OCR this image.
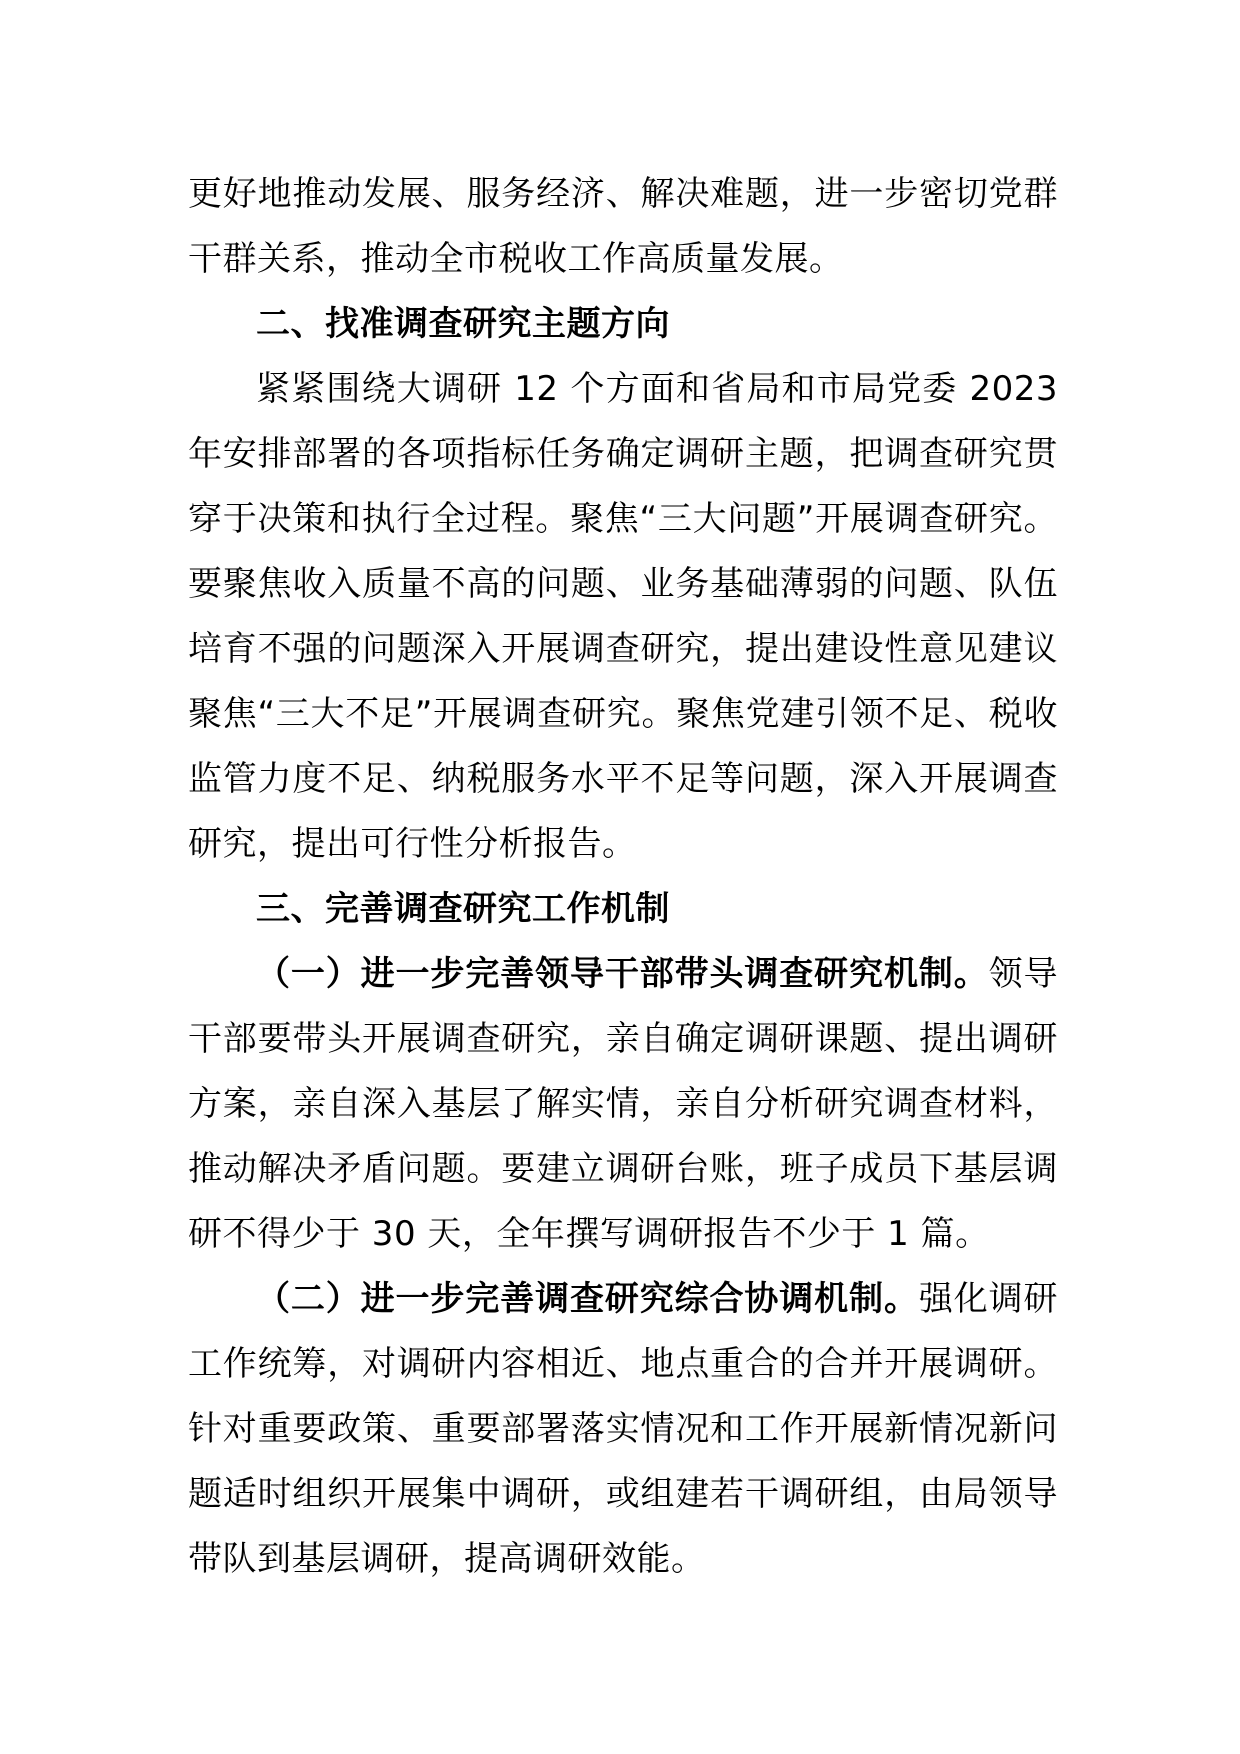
更好地推动发展、服务经济、解决难题，进一步密切党群干群关系，推动全市税收工作高质量发展。

二、找准调查研究主题方向

紧紧围绕大调研 12 个方面和省局和市局党委 2023 年安排部署的各项指标任务确定调研主题，把调查研究贯穿于决策和执行全过程。聚焦“三大问题”开展调查研究。要聚焦收入质量不高的问题、业务基础薄弱的问题、队伍培育不强的问题深入开展调查研究，提出建设性意见建议聚焦“三大不足”开展调查研究。聚焦党建引领不足、税收监管力度不足、纳税服务水平不足等问题，深入开展调查研究，提出可行性分析报告。

三、完善调查研究工作机制

（一）进一步完善领导干部带头调查研究机制。领导干部要带头开展调查研究，亲自确定调研课题、提出调研方案，亲自深入基层了解实情，亲自分析研究调查材料，推动解决矛盾问题。要建立调研台账，班子成员下基层调研不得少于 30 天，全年撰写调研报告不少于 1 篇。

（二）进一步完善调查研究综合协调机制。强化调研工作统筹，对调研内容相近、地点重合的合并开展调研。针对重要政策、重要部署落实情况和工作开展新情况新问题适时组织开展集中调研，或组建若干调研组，由局领导带队到基层调研，提高调研效能。
